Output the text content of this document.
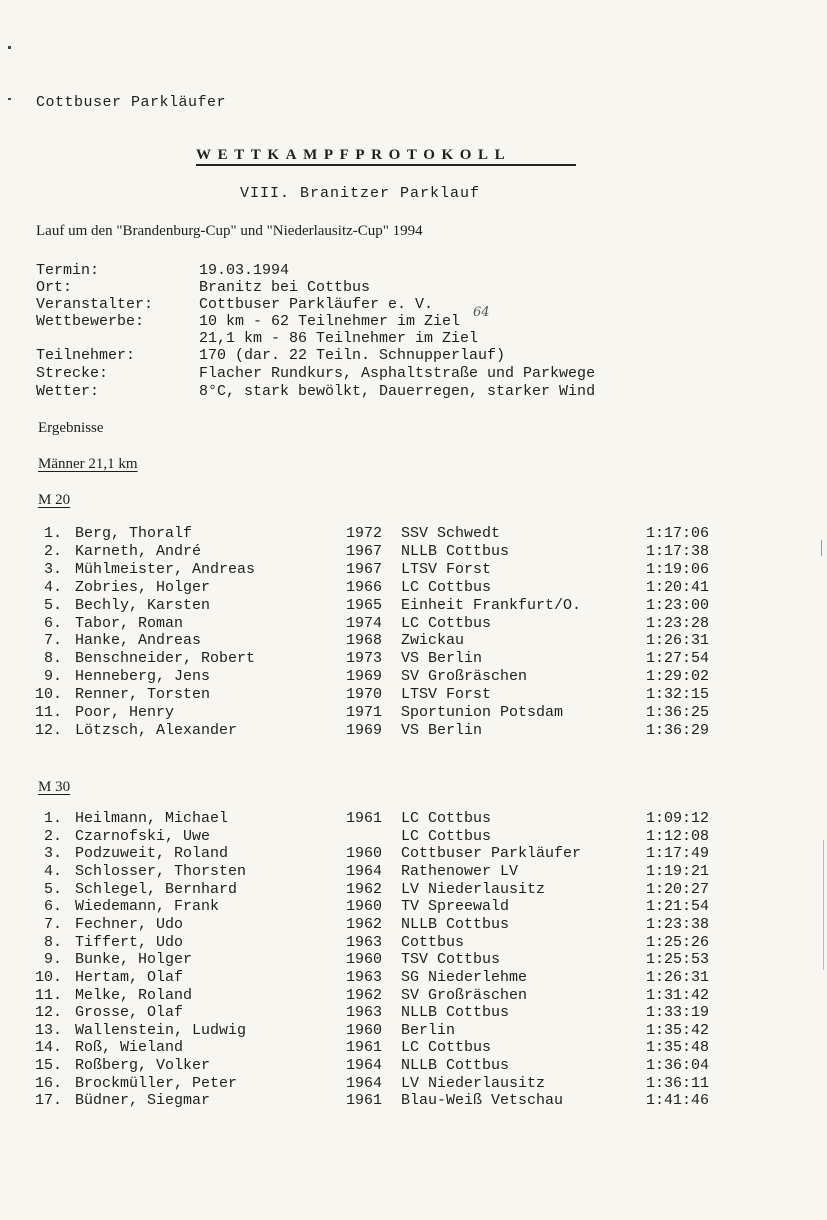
Cottbuser Parkläufer
WETTKAMPFPROTOKOLL
VIII. Branitzer Parklauf
Lauf um den "Brandenburg-Cup" und "Niederlausitz-Cup" 1994
Termin:	19.03.1994
Ort:	Branitz bei Cottbus
Veranstalter:	Cottbuser Parkläufer e. V.
Wettbewerbe:	10 km - 62 Teilnehmer im Ziel
64
21,1 km - 86 Teilnehmer im Ziel
Teilnehmer:	170 (dar. 22 Teiln. Schnupperlauf)
Strecke:	Flacher Rundkurs, Asphaltstraße und Parkwege
Wetter:	8°C, stark bewölkt, Dauerregen, starker Wind
Ergebnisse
Männer 21,1 km
M 20
1. Berg, Thoralf	1972 SSV Schwedt	1:17:06
2. Karneth, André	1967 NLLB Cottbus	1:17:38
3. Mühlmeister, Andreas	1967 LTSV Forst	1:19:06
4. Zobries, Holger	1966 LC Cottbus	1:20:41
5. Bechly, Karsten	1965 Einheit Frankfurt/O.	1:23:00
6. Tabor, Roman	1974 LC Cottbus	1:23:28
7. Hanke, Andreas	1968 Zwickau	1:26:31
8. Benschneider, Robert	1973 VS Berlin	1:27:54
9. Henneberg, Jens	1969 SV Großräschen	1:29:02
10. Renner, Torsten	1970 LTSV Forst	1:32:15
11. Poor, Henry	1971 Sportunion Potsdam	1:36:25
12. Lötzsch, Alexander	1969 VS Berlin	1:36:29
M 30
1. Heilmann, Michael	1961 LC Cottbus	1:09:12
2. Czarnofski, Uwe	LC Cottbus	1:12:08
3. Podzuweit, Roland	1960 Cottbuser Parkläufer	1:17:49
4. Schlosser, Thorsten	1964 Rathenower LV	1:19:21
5. Schlegel, Bernhard	1962 LV Niederlausitz	1:20:27
6. Wiedemann, Frank	1960 TV Spreewald	1:21:54
7. Fechner, Udo	1962 NLLB Cottbus	1:23:38
8. Tiffert, Udo	1963 Cottbus	1:25:26
9. Bunke, Holger	1960 TSV Cottbus	1:25:53
10. Hertam, Olaf	1963 SG Niederlehme	1:26:31
11. Melke, Roland	1962 SV Großräschen	1:31:42
12. Grosse, Olaf	1963 NLLB Cottbus	1:33:19
13. Wallenstein, Ludwig	1960 Berlin	1:35:42
14. Roß, Wieland	1961 LC Cottbus	1:35:48
15. Roßberg, Volker	1964 NLLB Cottbus	1:36:04
16. Brockmüller, Peter	1964 LV Niederlausitz	1:36:11
17. Büdner, Siegmar	1961 Blau-Weiß Vetschau	1:41:46
